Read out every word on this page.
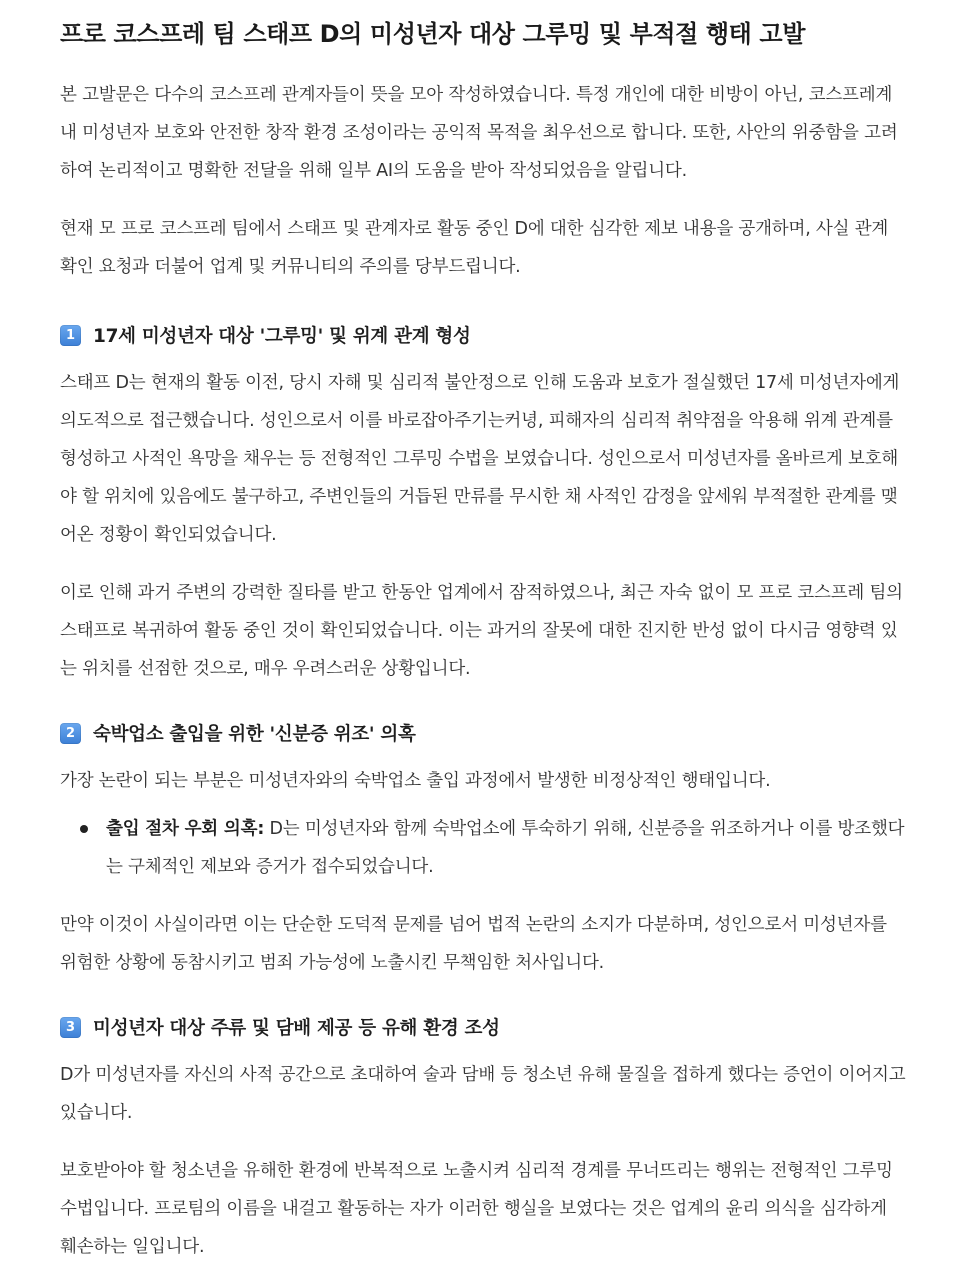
프로 코스프레 팀 스태프 D의 미성년자 대상 그루밍 및 부적절 행태 고발

본 고발문은 다수의 코스프레 관계자들이 뜻을 모아 작성하였습니다. 특정 개인에 대한 비방이 아닌, 코스프레계 내 미성년자 보호와 안전한 창작 환경 조성이라는 공익적 목적을 최우선으로 합니다. 또한, 사안의 위중함을 고려하여 논리적이고 명확한 전달을 위해 일부 AI의 도움을 받아 작성되었음을 알립니다.

현재 모 프로 코스프레 팀에서 스태프 및 관계자로 활동 중인 D에 대한 심각한 제보 내용을 공개하며, 사실 관계 확인 요청과 더불어 업계 및 커뮤니티의 주의를 당부드립니다.

1 17세 미성년자 대상 '그루밍' 및 위계 관계 형성

스태프 D는 현재의 활동 이전, 당시 자해 및 심리적 불안정으로 인해 도움과 보호가 절실했던 17세 미성년자에게 의도적으로 접근했습니다. 성인으로서 이를 바로잡아주기는커녕, 피해자의 심리적 취약점을 악용해 위계 관계를 형성하고 사적인 욕망을 채우는 등 전형적인 그루밍 수법을 보였습니다. 성인으로서 미성년자를 올바르게 보호해야 할 위치에 있음에도 불구하고, 주변인들의 거듭된 만류를 무시한 채 사적인 감정을 앞세워 부적절한 관계를 맺어온 정황이 확인되었습니다.

이로 인해 과거 주변의 강력한 질타를 받고 한동안 업계에서 잠적하였으나, 최근 자숙 없이 모 프로 코스프레 팀의 스태프로 복귀하여 활동 중인 것이 확인되었습니다. 이는 과거의 잘못에 대한 진지한 반성 없이 다시금 영향력 있는 위치를 선점한 것으로, 매우 우려스러운 상황입니다.

2 숙박업소 출입을 위한 '신분증 위조' 의혹

가장 논란이 되는 부분은 미성년자와의 숙박업소 출입 과정에서 발생한 비정상적인 행태입니다.

출입 절차 우회 의혹: D는 미성년자와 함께 숙박업소에 투숙하기 위해, 신분증을 위조하거나 이를 방조했다는 구체적인 제보와 증거가 접수되었습니다.

만약 이것이 사실이라면 이는 단순한 도덕적 문제를 넘어 법적 논란의 소지가 다분하며, 성인으로서 미성년자를 위험한 상황에 동참시키고 범죄 가능성에 노출시킨 무책임한 처사입니다.

3 미성년자 대상 주류 및 담배 제공 등 유해 환경 조성

D가 미성년자를 자신의 사적 공간으로 초대하여 술과 담배 등 청소년 유해 물질을 접하게 했다는 증언이 이어지고 있습니다.

보호받아야 할 청소년을 유해한 환경에 반복적으로 노출시켜 심리적 경계를 무너뜨리는 행위는 전형적인 그루밍 수법입니다. 프로팀의 이름을 내걸고 활동하는 자가 이러한 행실을 보였다는 것은 업계의 윤리 의식을 심각하게 훼손하는 일입니다.
